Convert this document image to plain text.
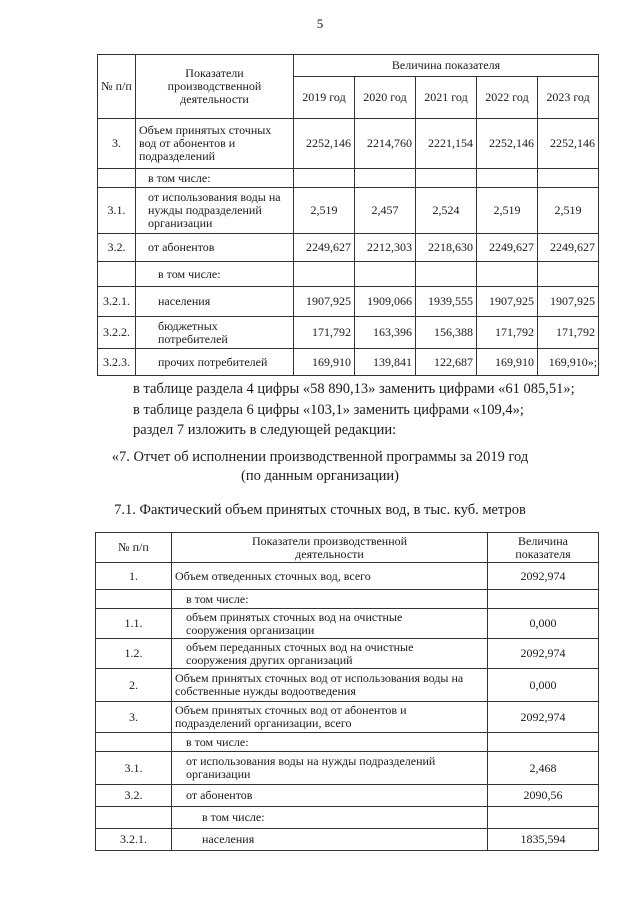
5
№ п/п	Показатели производственной деятельности	Величина показателя				
		2019 год	2020 год	2021 год	2022 год	2023 год
3.	Объем принятых сточных вод от абонентов и подразделений	2252,146	2214,760	2221,154	2252,146	2252,146
	в том числе:					
3.1.	от использования воды на нужды подразделений организации	2,519	2,457	2,524	2,519	2,519
3.2.	от абонентов	2249,627	2212,303	2218,630	2249,627	2249,627
	в том числе:					
3.2.1.	населения	1907,925	1909,066	1939,555	1907,925	1907,925
3.2.2.	бюджетных потребителей	171,792	163,396	156,388	171,792	171,792
3.2.3.	прочих потребителей	169,910	139,841	122,687	169,910	169,910»;
в таблице раздела 4 цифры «58 890,13» заменить цифрами «61 085,51»;
в таблице раздела 6 цифры «103,1» заменить цифрами «109,4»;
раздел 7 изложить в следующей редакции:
«7. Отчет об исполнении производственной программы за 2019 год
(по данным организации)
7.1. Фактический объем принятых сточных вод, в тыс. куб. метров
№ п/п	Показатели производственной деятельности	Величина показателя
1.	Объем отведенных сточных вод, всего	2092,974
	в том числе:	
1.1.	объем принятых сточных вод на очистные сооружения организации	0,000
1.2.	объем переданных сточных вод на очистные сооружения других организаций	2092,974
2.	Объем принятых сточных вод от использования воды на собственные нужды водоотведения	0,000
3.	Объем принятых сточных вод от абонентов и подразделений организации, всего	2092,974
	в том числе:	
3.1.	от использования воды на нужды подразделений организации	2,468
3.2.	от абонентов	2090,56
	в том числе:	
3.2.1.	населения	1835,594
